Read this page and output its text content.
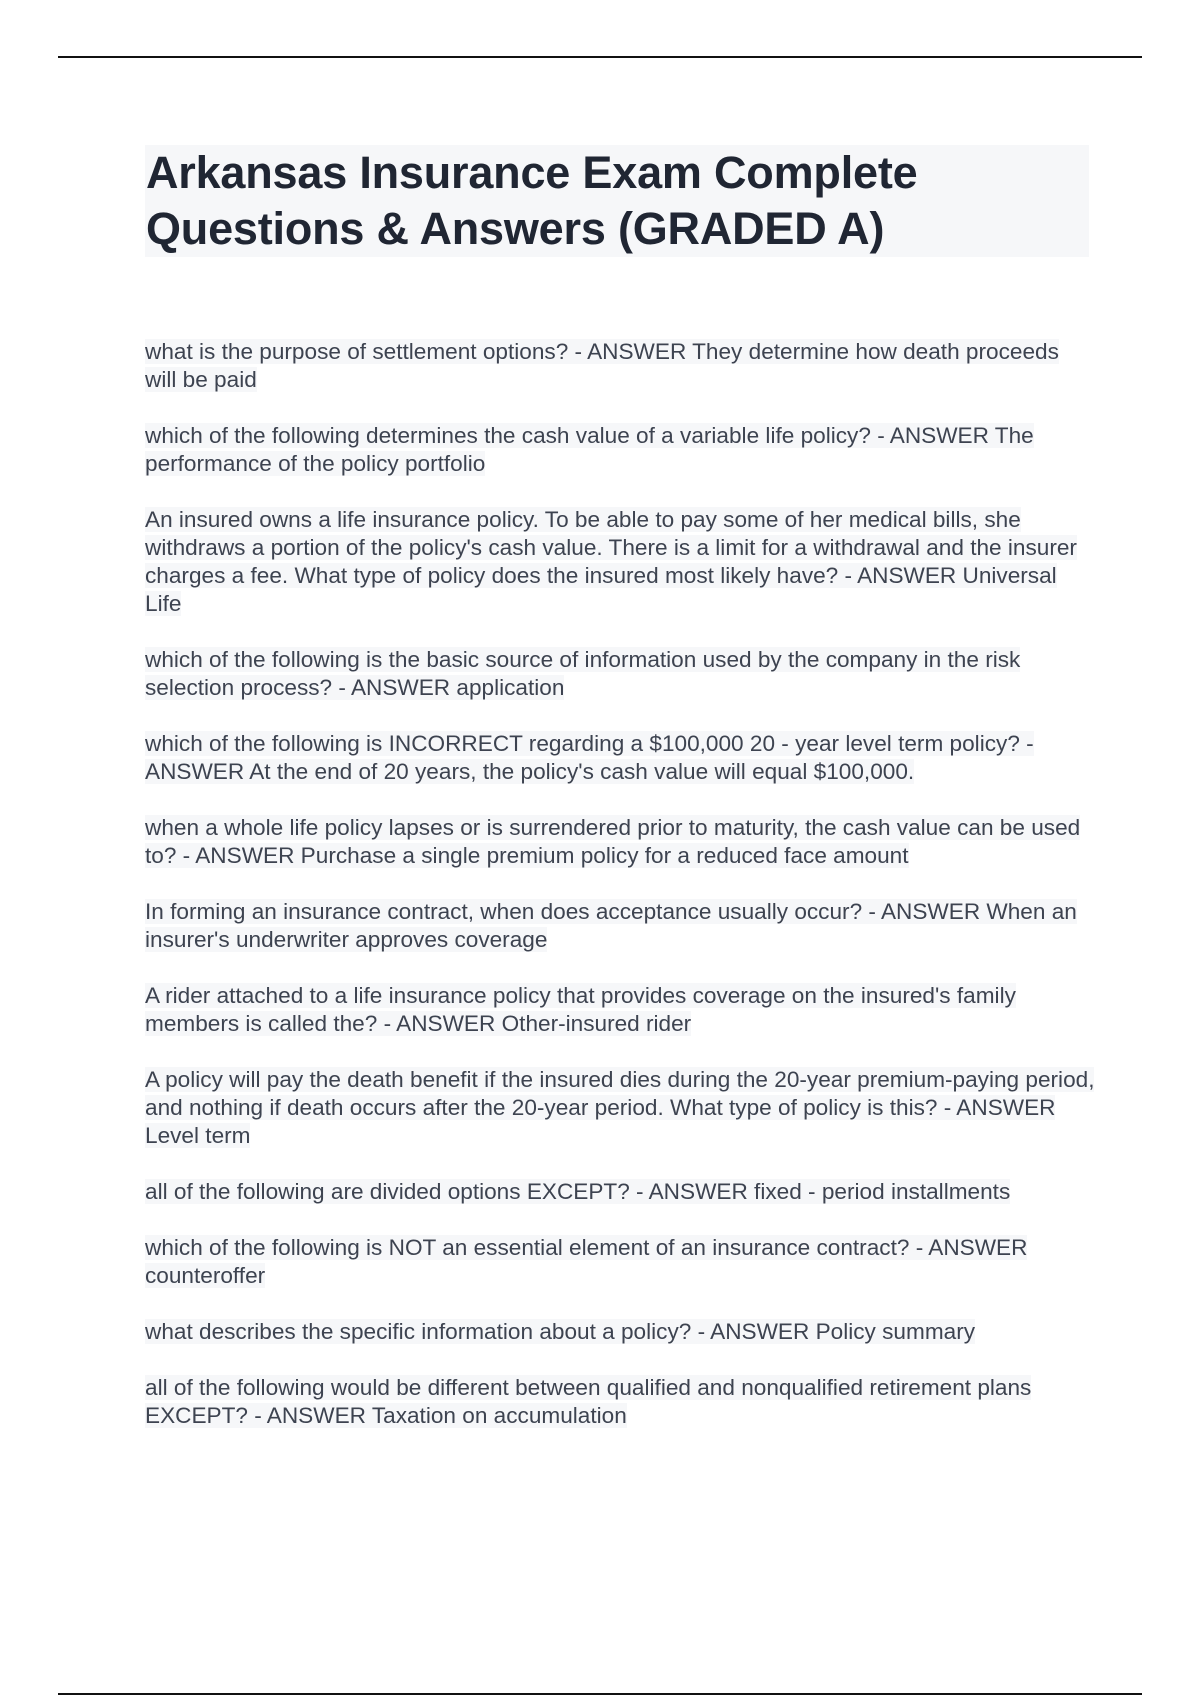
Arkansas Insurance Exam Complete Questions & Answers (GRADED A)

what is the purpose of settlement options? - ANSWER They determine how death proceeds will be paid

which of the following determines the cash value of a variable life policy? - ANSWER The performance of the policy portfolio

An insured owns a life insurance policy. To be able to pay some of her medical bills, she withdraws a portion of the policy's cash value. There is a limit for a withdrawal and the insurer charges a fee. What type of policy does the insured most likely have? - ANSWER Universal Life

which of the following is the basic source of information used by the company in the risk selection process? - ANSWER application

which of the following is INCORRECT regarding a $100,000 20 - year level term policy? - ANSWER At the end of 20 years, the policy's cash value will equal $100,000.

when a whole life policy lapses or is surrendered prior to maturity, the cash value can be used to? - ANSWER Purchase a single premium policy for a reduced face amount

In forming an insurance contract, when does acceptance usually occur? - ANSWER When an insurer's underwriter approves coverage

A rider attached to a life insurance policy that provides coverage on the insured's family members is called the? - ANSWER Other-insured rider

A policy will pay the death benefit if the insured dies during the 20-year premium-paying period, and nothing if death occurs after the 20-year period. What type of policy is this? - ANSWER Level term

all of the following are divided options EXCEPT? - ANSWER fixed - period installments

which of the following is NOT an essential element of an insurance contract? - ANSWER counteroffer

what describes the specific information about a policy? - ANSWER Policy summary

all of the following would be different between qualified and nonqualified retirement plans EXCEPT? - ANSWER Taxation on accumulation
